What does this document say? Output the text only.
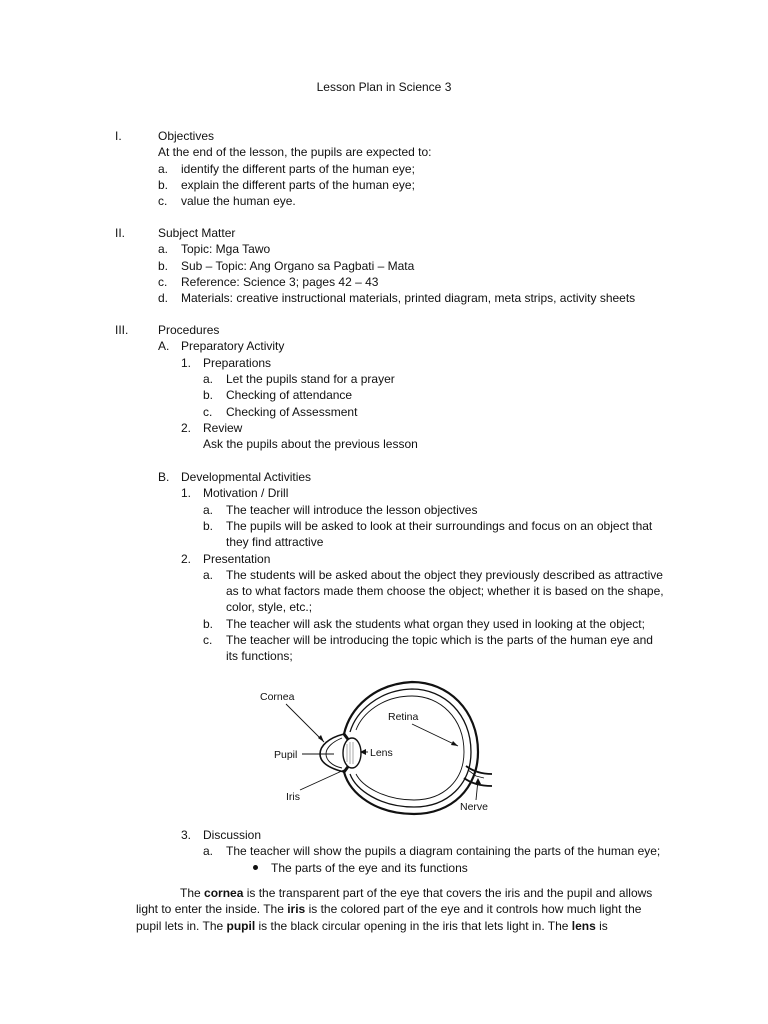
Lesson Plan in Science 3
I.	Objectives
At the end of the lesson, the pupils are expected to:
a. identify the different parts of the human eye;
b. explain the different parts of the human eye;
c. value the human eye.
II.	Subject Matter
a. Topic: Mga Tawo
b. Sub – Topic: Ang Organo sa Pagbati – Mata
c. Reference: Science 3; pages 42 – 43
d. Materials: creative instructional materials, printed diagram, meta strips, activity sheets
III. Procedures
A. Preparatory Activity
1. Preparations
a. Let the pupils stand for a prayer
b. Checking of attendance
c. Checking of Assessment
2. Review
Ask the pupils about the previous lesson
B. Developmental Activities
1. Motivation / Drill
a. The teacher will introduce the lesson objectives
b. The pupils will be asked to look at their surroundings and focus on an object that
they find attractive
2. Presentation
a. The students will be asked about the object they previously described as attractive
as to what factors made them choose the object; whether it is based on the shape,
color, style, etc.;
b. The teacher will ask the students what organ they used in looking at the object;
c. The teacher will be introducing the topic which is the parts of the human eye and
its functions;
3. Discussion
a. The teacher will show the pupils a diagram containing the parts of the human eye;
The parts of the eye and its functions
Cornea
Retina
Pupil	Lens
Iris
Nerve
The cornea is the transparent part of the eye that covers the iris and the pupil and allows
light to enter the inside. The iris is the colored part of the eye and it controls how much light the
pupil lets in. The pupil is the black circular opening in the iris that lets light in. The lens is
